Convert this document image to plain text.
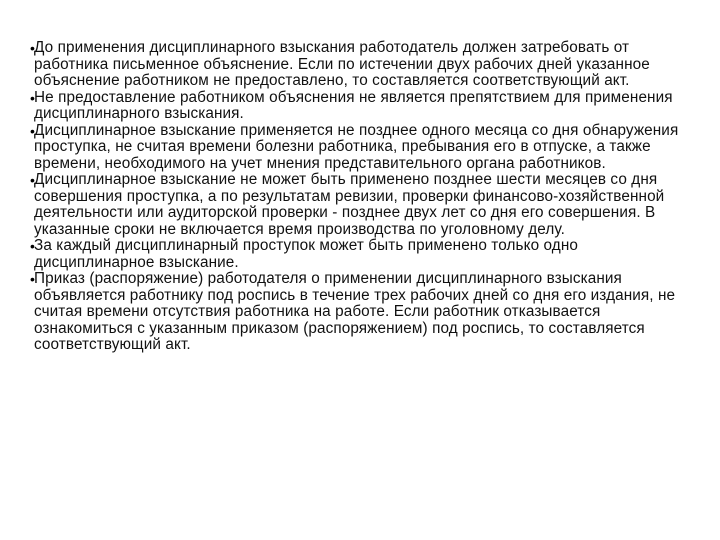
• До применения дисциплинарного взыскания работодатель должен затребовать от работника письменное объяснение. Если по истечении двух рабочих дней указанное объяснение работником не предоставлено, то составляется соответствующий акт.
• Не предоставление работником объяснения не является препятствием для применения дисциплинарного взыскания.
• Дисциплинарное взыскание применяется не позднее одного месяца со дня обнаружения проступка, не считая времени болезни работника, пребывания его в отпуске, а также времени, необходимого на учет мнения представительного органа работников.
• Дисциплинарное взыскание не может быть применено позднее шести месяцев со дня совершения проступка, а по результатам ревизии, проверки финансово-хозяйственной деятельности или аудиторской проверки - позднее двух лет со дня его совершения. В указанные сроки не включается время производства по уголовному делу.
• За каждый дисциплинарный проступок может быть применено только одно дисциплинарное взыскание.
• Приказ (распоряжение) работодателя о применении дисциплинарного взыскания объявляется работнику под роспись в течение трех рабочих дней со дня его издания, не считая времени отсутствия работника на работе. Если работник отказывается ознакомиться с указанным приказом (распоряжением) под роспись, то составляется соответствующий акт.
